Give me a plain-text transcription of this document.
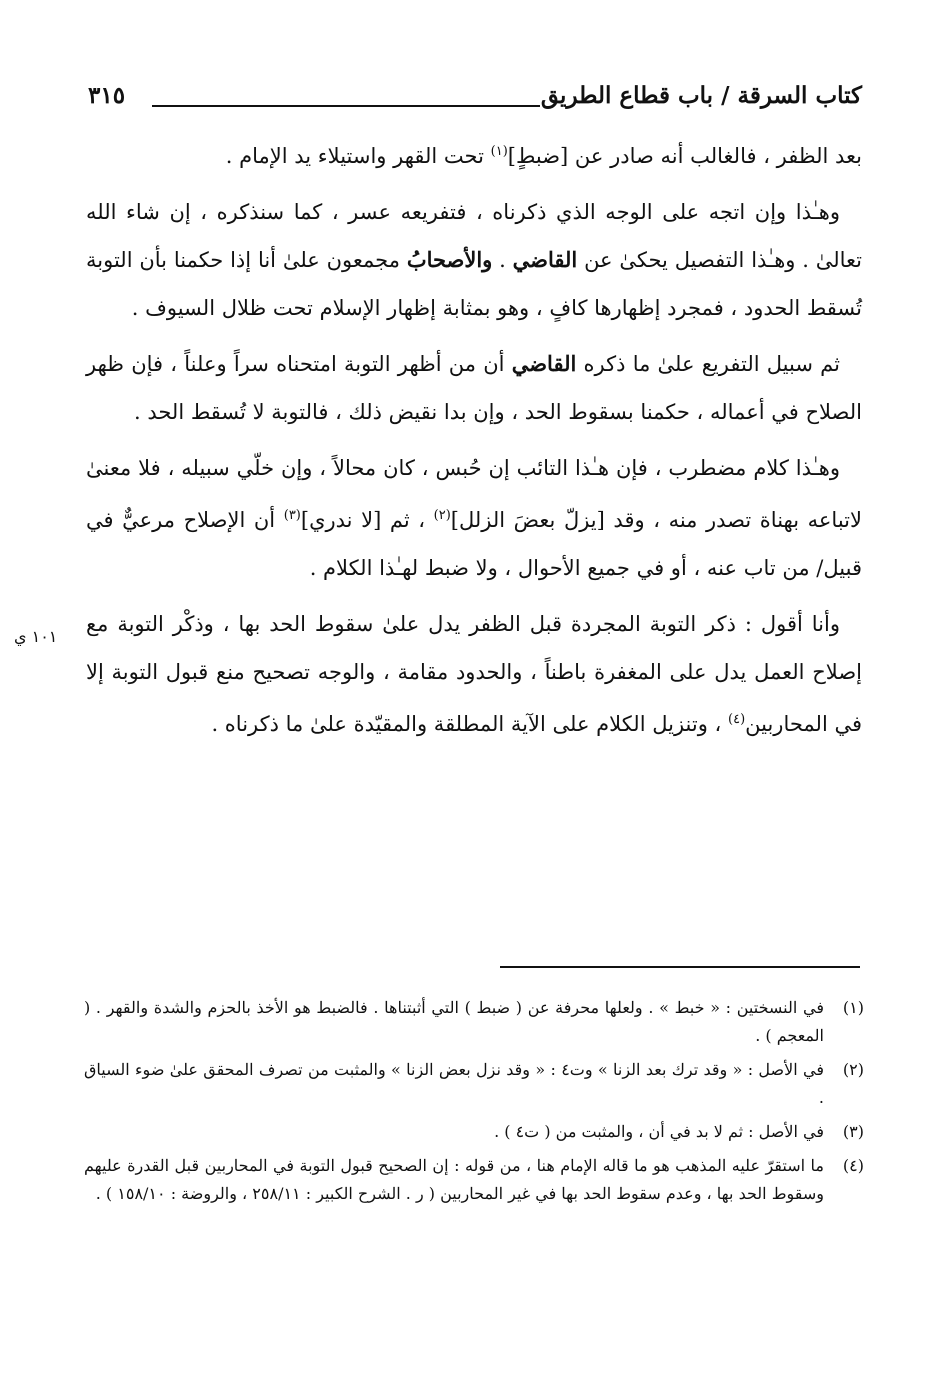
كتاب السرقة / باب قطاع الطريق
٣١٥

بعد الظفر ، فالغالب أنه صادر عن [ضبطٍ]$^{(١)}$ تحت القهر واستيلاء يد الإمام .

وهـٰذا وإن اتجه على الوجه الذي ذكرناه ، فتفريعه عسر ، كما سنذكره ، إن شاء الله تعالىٰ . وهـٰذا التفصيل يحكىٰ عن القاضي . والأصحابُ مجمعون علىٰ أنا إذا حكمنا بأن التوبة تُسقط الحدود ، فمجرد إظهارها كافٍ ، وهو بمثابة إظهار الإسلام تحت ظلال السيوف .

ثم سبيل التفريع علىٰ ما ذكره القاضي أن من أظهر التوبة امتحناه سراً وعلناً ، فإن ظهر الصلاح في أعماله ، حكمنا بسقوط الحد ، وإن بدا نقيض ذلك ، فالتوبة لا تُسقط الحد .

وهـٰذا كلام مضطرب ، فإن هـٰذا التائب إن حُبس ، كان محالاً ، وإن خلّي سبيله ، فلا معنىٰ لاتباعه بهناة تصدر منه ، وقد [يزلّ بعضَ الزلل]$^{(٢)}$ ، ثم [لا ندري]$^{(٣)}$ أن الإصلاح مرعيٌّ في قبيل/ من تاب عنه ، أو في جميع الأحوال ، ولا ضبط لهـٰذا الكلام .

وأنا أقول : ذكر التوبة المجردة قبل الظفر يدل علىٰ سقوط الحد بها ، وذكْر التوبة مع إصلاح العمل يدل على المغفرة باطناً ، والحدود مقامة ، والوجه تصحيح منع قبول التوبة إلا في المحاربين$^{(٤)}$ ، وتنزيل الكلام على الآية المطلقة والمقيّدة علىٰ ما ذكرناه .

١٠١ ي
(١)
في النسختين : « خبط » . ولعلها محرفة عن ( ضبط ) التي أثبتناها . فالضبط هو الأخذ بالحزم والشدة والقهر . ( المعجم ) .
(٢)
في الأصل : « وقد ترك بعد الزنا » وت٤ : « وقد نزل بعض الزنا » والمثبت من تصرف المحقق علىٰ ضوء السياق .
(٣)
في الأصل : ثم لا بد في أن ، والمثبت من ( ت٤ ) .
(٤)
ما استقرّ عليه المذهب هو ما قاله الإمام هنا ، من قوله : إن الصحيح قبول التوبة في المحاربين قبل القدرة عليهم وسقوط الحد بها ، وعدم سقوط الحد بها في غير المحاربين ( ر . الشرح الكبير : ٢٥٨/١١ ، والروضة : ١٥٨/١٠ ) .
